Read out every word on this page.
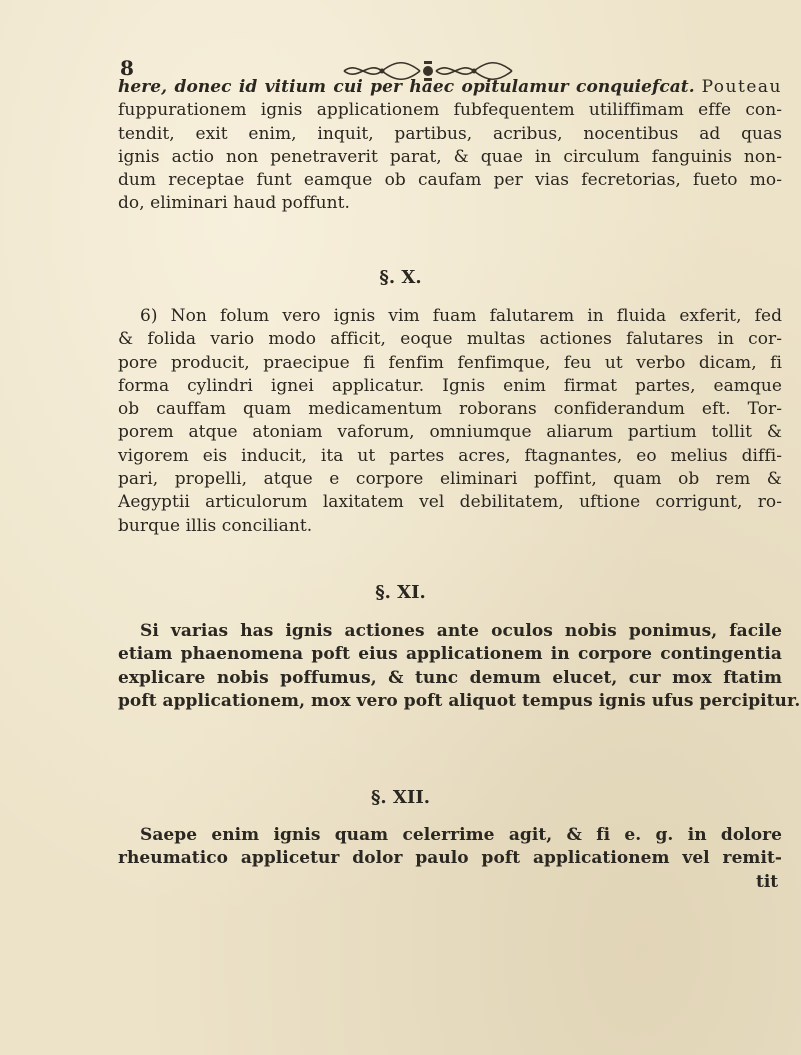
8
here, donec id vitium cui per haec opitulamur conquiefcat. Pouteau
fuppurationem ignis applicationem fubfequentem utiliffimam effe con-
tendit, exit enim, inquit, partibus, acribus, nocentibus ad quas
ignis actio non penetraverit parat, & quae in circulum fanguinis non-
dum receptae funt eamque ob caufam per vias fecretorias, fueto mo-
do, eliminari haud poffunt.
§. X.
6) Non folum vero ignis vim fuam falutarem in fluida exferit, fed
& folida vario modo afficit, eoque multas actiones falutares in cor-
pore producit, praecipue fi fenfim fenfimque, feu ut verbo dicam, fi
forma cylindri ignei applicatur. Ignis enim firmat partes, eamque
ob cauffam quam medicamentum roborans confiderandum eft. Tor-
porem atque atoniam vaforum, omniumque aliarum partium tollit &
vigorem eis inducit, ita ut partes acres, ftagnantes, eo melius diffi-
pari, propelli, atque e corpore eliminari poffint, quam ob rem &
Aegyptii articulorum laxitatem vel debilitatem, uftione corrigunt, ro-
burque illis conciliant.
§. XI.
Si varias has ignis actiones ante oculos nobis ponimus, facile
etiam phaenomena poft eius applicationem in corpore contingentia
explicare nobis poffumus, & tunc demum elucet, cur mox ftatim
poft applicationem, mox vero poft aliquot tempus ignis ufus percipitur.
§. XII.
Saepe enim ignis quam celerrime agit, & fi e. g. in dolore
rheumatico applicetur dolor paulo poft applicationem vel remit-
tit
